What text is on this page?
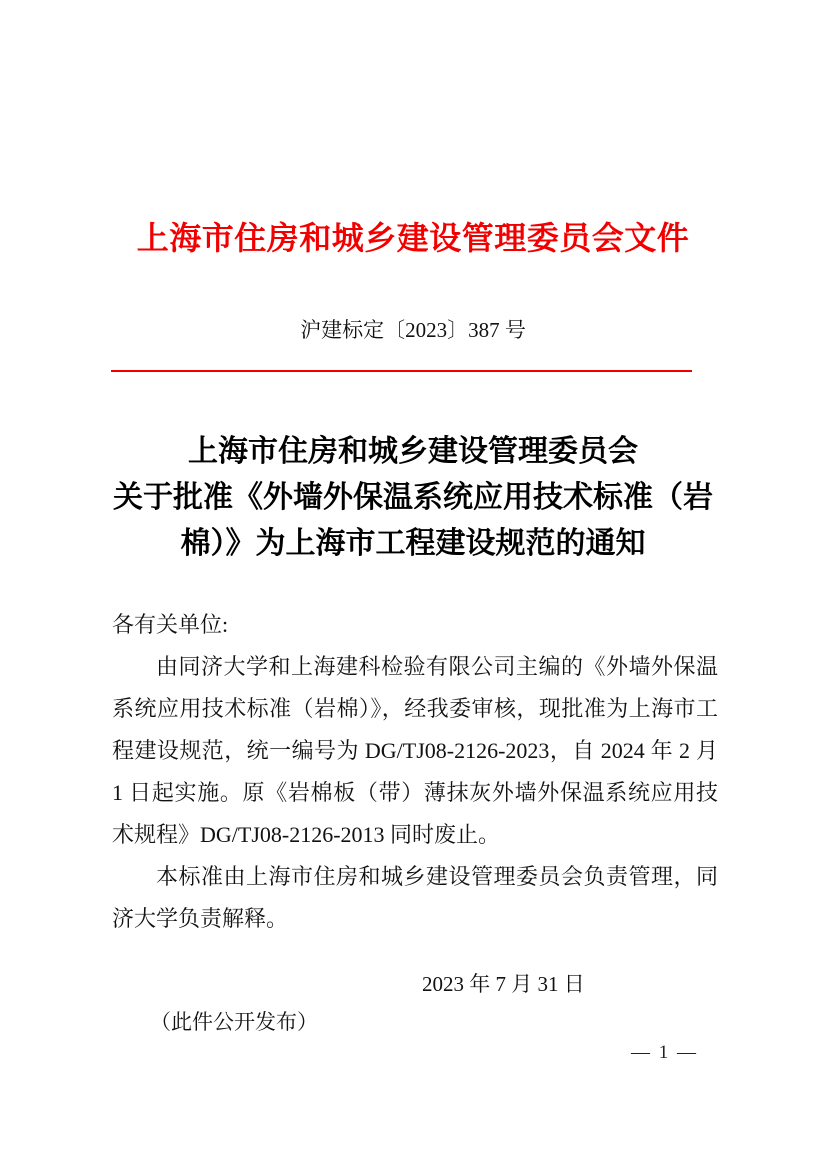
上海市住房和城乡建设管理委员会文件
沪建标定〔2023〕387 号
上海市住房和城乡建设管理委员会
关于批准《外墙外保温系统应用技术标准（岩
棉）》为上海市工程建设规范的通知

各有关单位:

由同济大学和上海建科检验有限公司主编的《外墙外保温系统应用技术标准（岩棉）》，经我委审核，现批准为上海市工程建设规范，统一编号为 DG/TJ08-2126-2023，自 2024 年 2 月 1 日起实施。原《岩棉板（带）薄抹灰外墙外保温系统应用技术规程》DG/TJ08-2126-2013 同时废止。

本标准由上海市住房和城乡建设管理委员会负责管理，同济大学负责解释。

2023 年 7 月 31 日
（此件公开发布）
— 1 —
